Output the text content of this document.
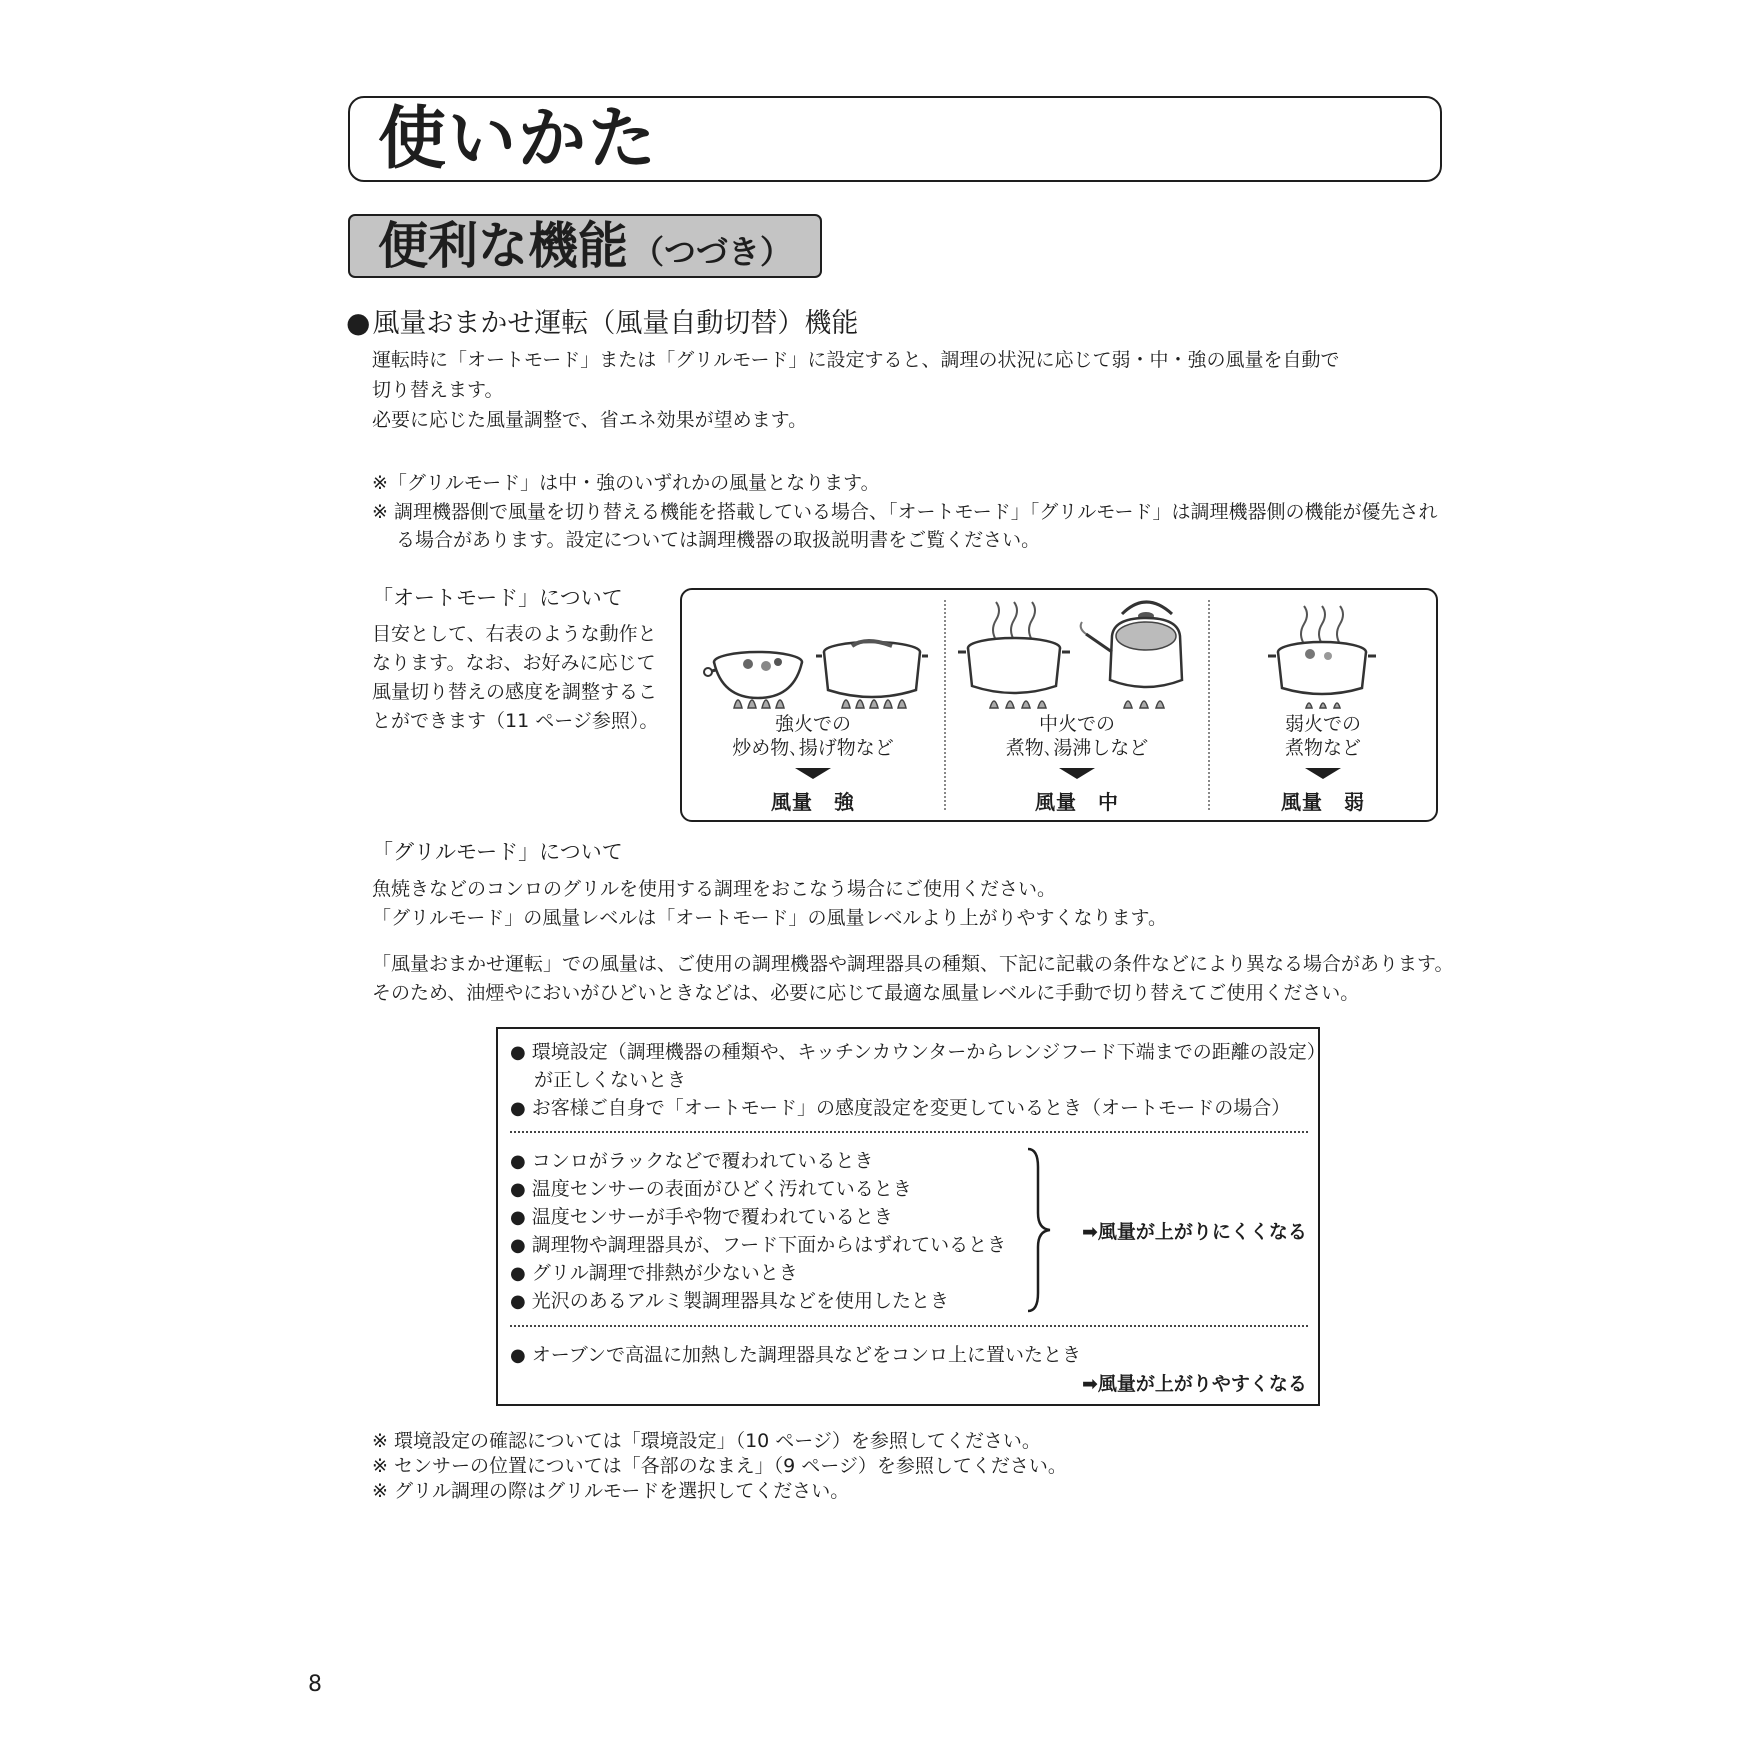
使いかた
便利な機能 （つづき）
●風量おまかせ運転（風量自動切替）機能
運転時に「オートモード」または「グリルモード」に設定すると、調理の状況に応じて弱・中・強の風量を自動で
切り替えます。
必要に応じた風量調整で、省エネ効果が望めます。
※「グリルモード」は中・強のいずれかの風量となります。
※ 調理機器側で風量を切り替える機能を搭載している場合、「オートモード」「グリルモード」は調理機器側の機能が優先され
る場合があります。設定については調理機器の取扱説明書をご覧ください。
「オートモード」について
目安として、右表のような動作となります。なお、お好みに応じて風量切り替えの感度を調整することができます（11 ページ参照）。	強火での
炒め物､揚げ物など
風量　強
中火での
煮物､湯沸しなど
風量　中
弱火での
煮物など
風量　弱
「グリルモード」について
魚焼きなどのコンロのグリルを使用する調理をおこなう場合にご使用ください。
「グリルモード」の風量レベルは「オートモード」の風量レベルより上がりやすくなります。
「風量おまかせ運転」での風量は、ご使用の調理機器や調理器具の種類、下記に記載の条件などにより異なる場合があります。
そのため、油煙やにおいがひどいときなどは、必要に応じて最適な風量レベルに手動で切り替えてご使用ください。
● 環境設定（調理機器の種類や、キッチンカウンターからレンジフード下端までの距離の設定）
が正しくないとき
● お客様ご自身で「オートモード」の感度設定を変更しているとき（オートモードの場合）
● コンロがラックなどで覆われているとき
● 温度センサーの表面がひどく汚れているとき
● 温度センサーが手や物で覆われているとき
● 調理物や調理器具が、フード下面からはずれているとき
● グリル調理で排熱が少ないとき
● 光沢のあるアルミ製調理器具などを使用したとき
➡風量が上がりにくくなる
● オーブンで高温に加熱した調理器具などをコンロ上に置いたとき
➡風量が上がりやすくなる
※ 環境設定の確認については「環境設定」（10 ページ）を参照してください。
※ センサーの位置については「各部のなまえ」（9 ページ）を参照してください。
※ グリル調理の際はグリルモードを選択してください。
8
